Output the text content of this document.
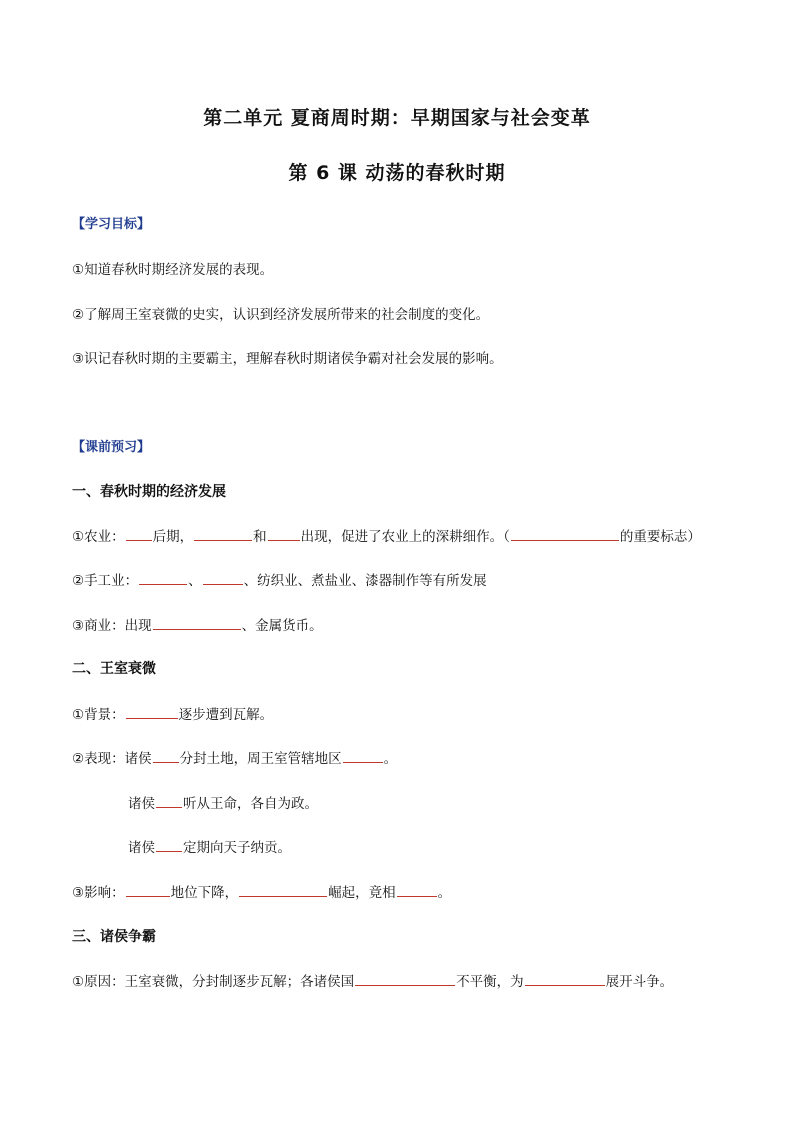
第二单元 夏商周时期：早期国家与社会变革
第 6 课 动荡的春秋时期
【学习目标】
①知道春秋时期经济发展的表现。
②了解周王室衰微的史实，认识到经济发展所带来的社会制度的变化。
③识记春秋时期的主要霸主，理解春秋时期诸侯争霸对社会发展的影响。
【课前预习】
一、春秋时期的经济发展
①农业： 后期，	和	出现，促进了农业上的深耕细作。（	的重要标志）
②手工业：	、	、纺织业、煮盐业、漆器制作等有所发展
③商业：出现	、金属货币。
二、王室衰微
①背景：	逐步遭到瓦解。
②表现：诸侯 分封土地，周王室管辖地区	。
诸侯 听从王命，各自为政。
诸侯 定期向天子纳贡。
③影响：	地位下降，	崛起，竟相	。
三、诸侯争霸
①原因：王室衰微，分封制逐步瓦解；各诸侯国	不平衡，为	展开斗争。
